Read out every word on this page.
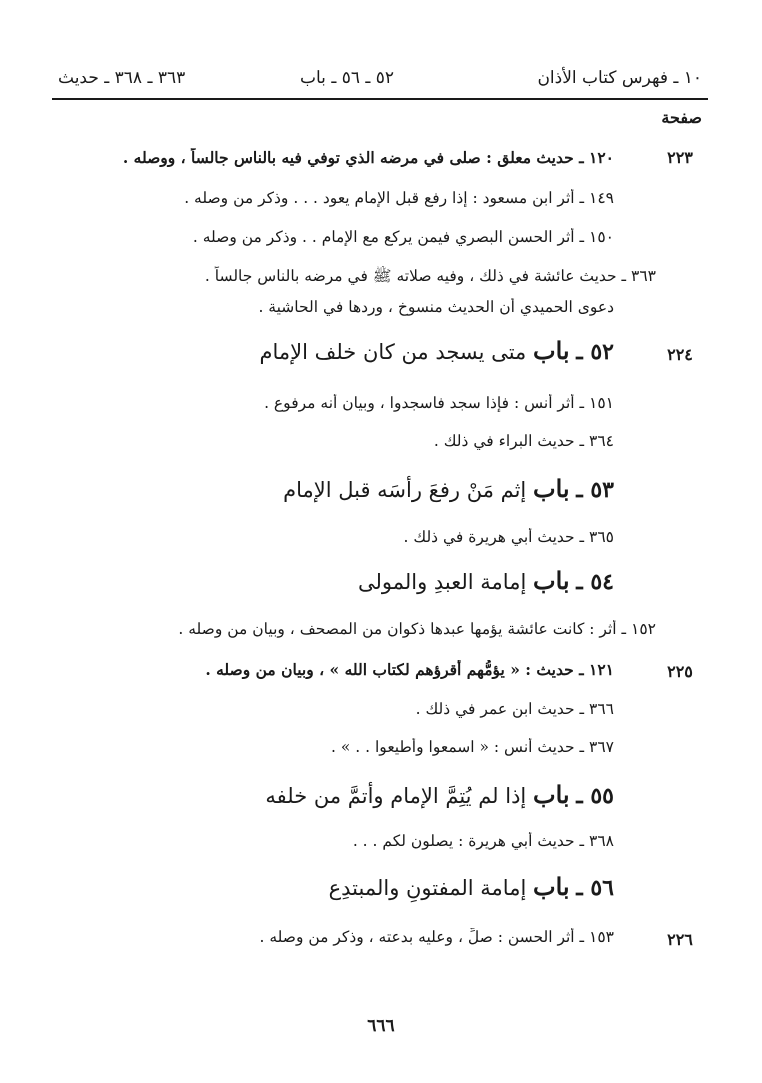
١٠ ـ فهرس كتاب الأذان
٥٢ ـ ٥٦ ـ باب
٣٦٣ ـ ٣٦٨ ـ حديث
صفحة
٢٢٣
١٢٠ ـ حديث معلق : صلى في مرضه الذي توفي فيه بالناس جالساً ، ووصله .
١٤٩ ـ أثر ابن مسعود : إذا رفع قبل الإمام يعود . . . وذكر من وصله .
١٥٠ ـ أثر الحسن البصري فيمن يركع مع الإمام . . وذكر من وصله .
٣٦٣ ـ حديث عائشة في ذلك ، وفيه صلاته ﷺ في مرضه بالناس جالساً .
دعوى الحميدي أن الحديث منسوخ ، وردها في الحاشية .
٢٢٤
٥٢ ـ باب متى يسجد من كان خلف الإمام
١٥١ ـ أثر أنس : فإذا سجد فاسجدوا ، وبيان أنه مرفوع .
٣٦٤ ـ حديث البراء في ذلك .
٥٣ ـ باب إثم مَنْ رفعَ رأسَه قبل الإمام
٣٦٥ ـ حديث أبي هريرة في ذلك .
٥٤ ـ باب إمامة العبدِ والمولى
١٥٢ ـ أثر : كانت عائشة يؤمها عبدها ذكوان من المصحف ، وبيان من وصله .
٢٢٥
١٢١ ـ حديث : « يؤمُّهم أقرؤهم لكتاب الله » ، وبيان من وصله .
٣٦٦ ـ حديث ابن عمر في ذلك .
٣٦٧ ـ حديث أنس : « اسمعوا وأطيعوا . . » .
٥٥ ـ باب إذا لم يُتِمَّ الإمام وأتمَّ من خلفه
٣٦٨ ـ حديث أبي هريرة : يصلون لكم . . .
٥٦ ـ باب إمامة المفتونِ والمبتدِع
٢٢٦
١٥٣ ـ أثر الحسن : صلِّ ، وعليه بدعته ، وذكر من وصله .
٦٦٦
